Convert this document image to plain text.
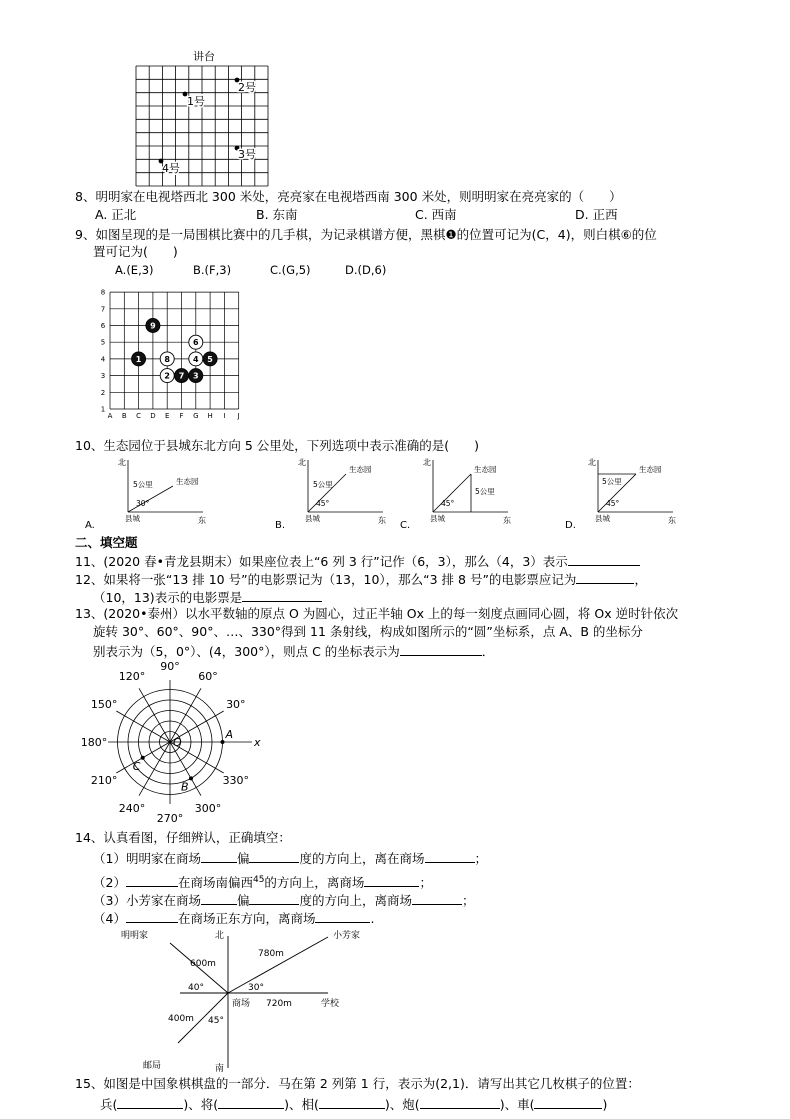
讲台
1号
2号
3号
4号
8、明明家在电视塔西北 300 米处，亮亮家在电视塔西南 300 米处，则明明家在亮亮家的（　　）
A. 正北	B. 东南	C. 西南	D. 正西
9、如图呈现的是一局围棋比赛中的几手棋，为记录棋谱方便，黑棋❶的位置可记为(C，4)，则白棋⑥的位
置可记为(　　)
A.(E,3)	B.(F,3)	C.(G,5)	D.(D,6)
A B C D E F G H I J
1
2
3
4
5
6
7
8
9
6
1	8	4 5
2 7 3
10、生态园位于县城东北方向 5 公里处，下列选项中表示准确的是(　　)
北
东
县城
A.
生态园
5公里
30°
北
东
县城
B.
生态园
5公里
45°
北
东
县城
C.
生态园
5公里
45°
北
东
县城
D.
生态园
5公里
45°
二、填空题
11、(2020 春•青龙县期末）如果座位表上“6 列 3 行”记作（6，3），那么（4，3）表示
12、如果将一张“13 排 10 号”的电影票记为（13，10），那么“3 排 8 号”的电影票应记为	，
（10，13)表示的电影票是
13、(2020•泰州）以水平数轴的原点 O 为圆心，过正半轴 Ox 上的每一刻度点画同心圆，将 Ox 逆时针依次
旋转 30°、60°、90°、…、330°得到 11 条射线，构成如图所示的“圆”坐标系，点 A、B 的坐标分
别表示为（5，0°）、(4，300°），则点 C 的坐标表示为	．
90°
60°
30°
330°
300°
270°
240°
210°
180°
150°
120°
O
A
B
C
x
14、认真看图，仔细辨认，正确填空：
（1）明明家在商场	偏	度的方向上，离在商场	；
（2）	在商场南偏西$^{45}$的方向上，离商场	；
（3）小芳家在商场	偏	度的方向上，离商场	；
（4）	在商场正东方向，离商场	.
北
南
明明家	小芳家
商场	学校
邮局
600m
780m
720m
400m
40°	30°
45°
15、如图是中国象棋棋盘的一部分．马在第 2 列第 1 行，表示为(2,1)．请写出其它几枚棋子的位置：
兵(	)、将(	)、相(	)、炮(	)、車(	)
